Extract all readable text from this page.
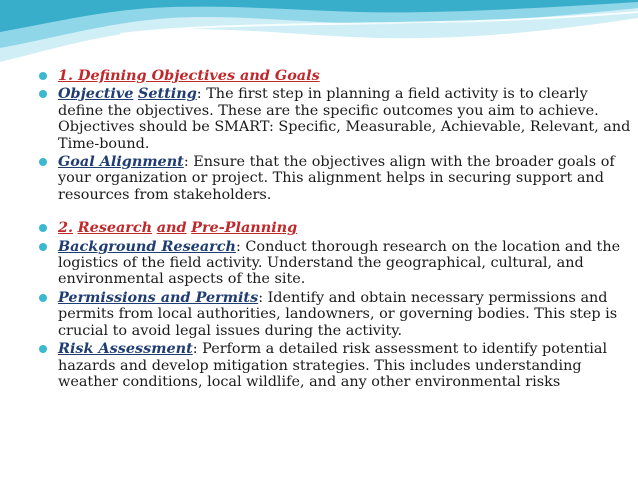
1. Defining Objectives and Goals
Objective Setting: The first step in planning a field activity is to clearly define the objectives. These are the specific outcomes you aim to achieve. Objectives should be SMART: Specific, Measurable, Achievable, Relevant, and Time-bound.
Goal Alignment: Ensure that the objectives align with the broader goals of your organization or project. This alignment helps in securing support and resources from stakeholders.
2. Research and Pre-Planning
Background Research: Conduct thorough research on the location and the logistics of the field activity. Understand the geographical, cultural, and environmental aspects of the site.
Permissions and Permits: Identify and obtain necessary permissions and permits from local authorities, landowners, or governing bodies. This step is crucial to avoid legal issues during the activity.
Risk Assessment: Perform a detailed risk assessment to identify potential hazards and develop mitigation strategies. This includes understanding weather conditions, local wildlife, and any other environmental risks
